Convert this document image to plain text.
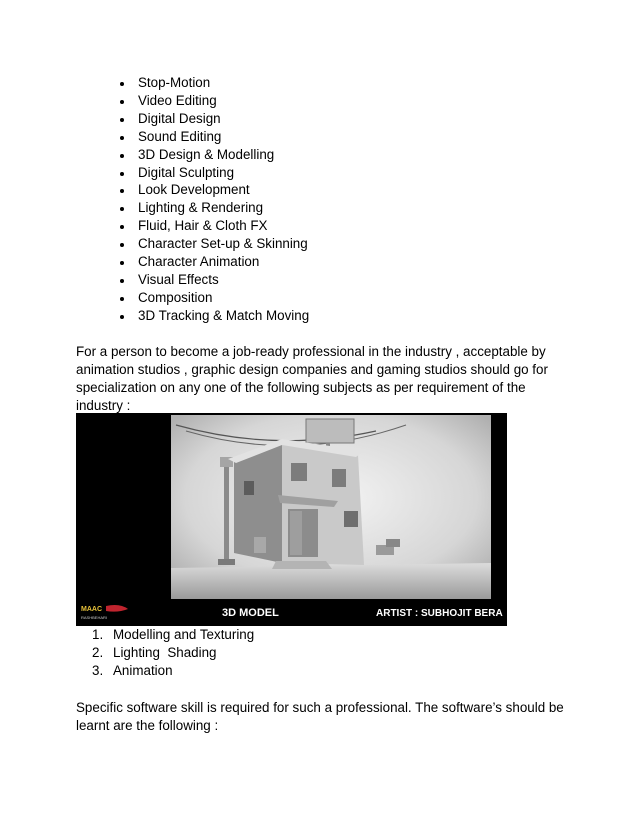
Stop-Motion
Video Editing
Digital Design
Sound Editing
3D Design & Modelling
Digital Sculpting
Look Development
Lighting & Rendering
Fluid, Hair & Cloth FX
Character Set-up & Skinning
Character Animation
Visual Effects
Composition
3D Tracking & Match Moving

For a person to become a job-ready professional in the industry , acceptable by animation studios , graphic design companies and gaming studios should go for specialization on any one of the following subjects as per requirement of the industry :

MAAC
RASHBEHARI	3D MODEL	ARTIST : SUBHOJIT BERA
1. Modelling and Texturing
2. Lighting  Shading
3. Animation

Specific software skill is required for such a professional. The software’s should be learnt are the following :
